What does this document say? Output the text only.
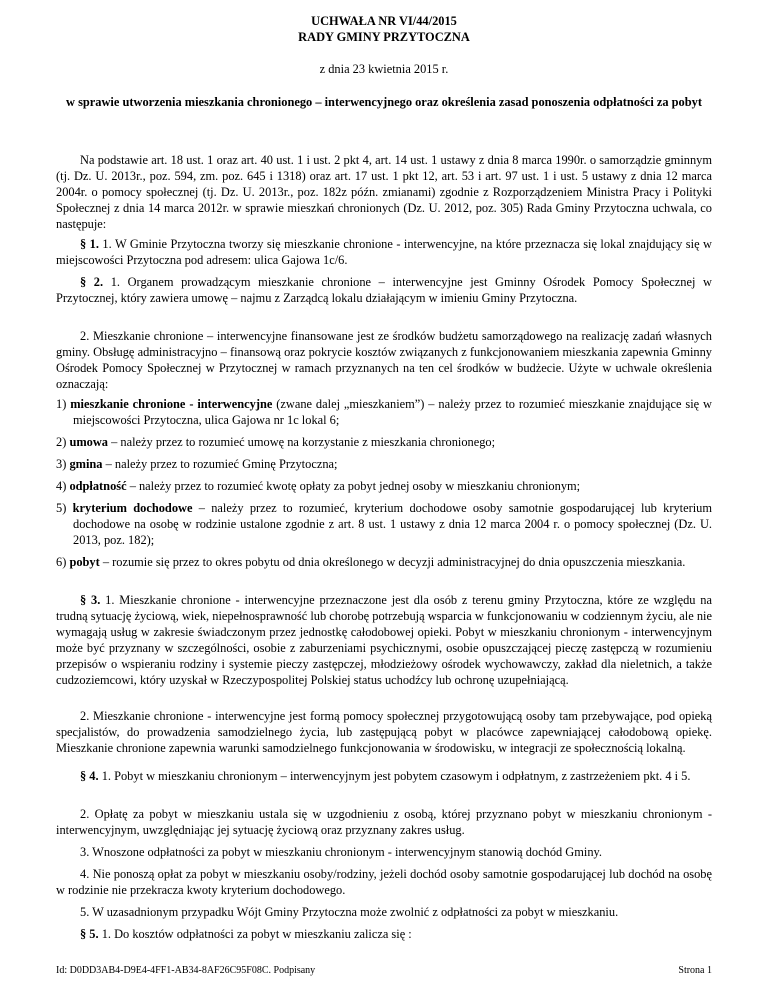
UCHWAŁA NR VI/44/2015
RADY GMINY PRZYTOCZNA
z dnia 23 kwietnia 2015 r.
w sprawie utworzenia mieszkania chronionego – interwencyjnego oraz określenia zasad ponoszenia odpłatności za pobyt
Na podstawie art. 18 ust. 1 oraz art. 40 ust. 1 i ust. 2 pkt 4, art. 14 ust. 1 ustawy z dnia 8 marca 1990r. o samorządzie gminnym (tj. Dz. U. 2013r., poz. 594, zm. poz. 645 i 1318) oraz art. 17 ust. 1 pkt 12, art. 53 i art. 97 ust. 1 i ust. 5 ustawy z dnia 12 marca 2004r. o pomocy społecznej (tj. Dz. U. 2013r., poz. 182z późn. zmianami) zgodnie z Rozporządzeniem Ministra Pracy i Polityki Społecznej z dnia 14 marca 2012r. w sprawie mieszkań chronionych (Dz. U. 2012, poz. 305) Rada Gminy Przytoczna uchwala, co następuje:
§ 1. 1. W Gminie Przytoczna tworzy się mieszkanie chronione - interwencyjne, na które przeznacza się lokal znajdujący się w miejscowości Przytoczna pod adresem: ulica Gajowa 1c/6.
§ 2. 1. Organem prowadzącym mieszkanie chronione – interwencyjne jest Gminny Ośrodek Pomocy Społecznej w Przytocznej, który zawiera umowę – najmu z Zarządcą lokalu działającym w imieniu Gminy Przytoczna.
2. Mieszkanie chronione – interwencyjne finansowane jest ze środków budżetu samorządowego na realizację zadań własnych gminy. Obsługę administracyjno – finansową oraz pokrycie kosztów związanych z funkcjonowaniem mieszkania zapewnia Gminny Ośrodek Pomocy Społecznej w Przytocznej w ramach przyznanych na ten cel środków w budżecie. Użyte w uchwale określenia oznaczają:
1) mieszkanie chronione - interwencyjne (zwane dalej „mieszkaniem”) – należy przez to rozumieć mieszkanie znajdujące się w miejscowości Przytoczna, ulica Gajowa nr 1c lokal 6;
2) umowa – należy przez to rozumieć umowę na korzystanie z mieszkania chronionego;
3) gmina – należy przez to rozumieć Gminę Przytoczna;
4) odpłatność – należy przez to rozumieć kwotę opłaty za pobyt jednej osoby w mieszkaniu chronionym;
5) kryterium dochodowe – należy przez to rozumieć, kryterium dochodowe osoby samotnie gospodarującej lub kryterium dochodowe na osobę w rodzinie ustalone zgodnie z art. 8 ust. 1 ustawy z dnia 12 marca 2004 r. o pomocy społecznej (Dz. U. 2013, poz. 182);
6) pobyt – rozumie się przez to okres pobytu od dnia określonego w decyzji administracyjnej do dnia opuszczenia mieszkania.
§ 3. 1. Mieszkanie chronione - interwencyjne przeznaczone jest dla osób z terenu gminy Przytoczna, które ze względu na trudną sytuację życiową, wiek, niepełnosprawność lub chorobę potrzebują wsparcia w funkcjonowaniu w codziennym życiu, ale nie wymagają usług w zakresie świadczonym przez jednostkę całodobowej opieki. Pobyt w mieszkaniu chronionym - interwencyjnym może być przyznany w szczególności, osobie z zaburzeniami psychicznymi, osobie opuszczającej pieczę zastępczą w rozumieniu przepisów o wspieraniu rodziny i systemie pieczy zastępczej, młodzieżowy ośrodek wychowawczy, zakład dla nieletnich, a także cudzoziemcowi, który uzyskał w Rzeczypospolitej Polskiej status uchodźcy lub ochronę uzupełniającą.
2. Mieszkanie chronione - interwencyjne jest formą pomocy społecznej przygotowującą osoby tam przebywające, pod opieką specjalistów, do prowadzenia samodzielnego życia, lub zastępującą pobyt w placówce zapewniającej całodobową opiekę. Mieszkanie chronione zapewnia warunki samodzielnego funkcjonowania w środowisku, w integracji ze społecznością lokalną.
§ 4. 1. Pobyt w mieszkaniu chronionym – interwencyjnym jest pobytem czasowym i odpłatnym, z zastrzeżeniem pkt. 4 i 5.
2. Opłatę za pobyt w mieszkaniu ustala się w uzgodnieniu z osobą, której przyznano pobyt w mieszkaniu chronionym - interwencyjnym, uwzględniając jej sytuację życiową oraz przyznany zakres usług.
3. Wnoszone odpłatności za pobyt w mieszkaniu chronionym - interwencyjnym stanowią dochód Gminy.
4. Nie ponoszą opłat za pobyt w mieszkaniu osoby/rodziny, jeżeli dochód osoby samotnie gospodarującej lub dochód na osobę w rodzinie nie przekracza kwoty kryterium dochodowego.
5. W uzasadnionym przypadku Wójt Gminy Przytoczna może zwolnić z odpłatności za pobyt w mieszkaniu.
§ 5. 1. Do kosztów odpłatności za pobyt w mieszkaniu zalicza się :
Id: D0DD3AB4-D9E4-4FF1-AB34-8AF26C95F08C. Podpisany	Strona 1
